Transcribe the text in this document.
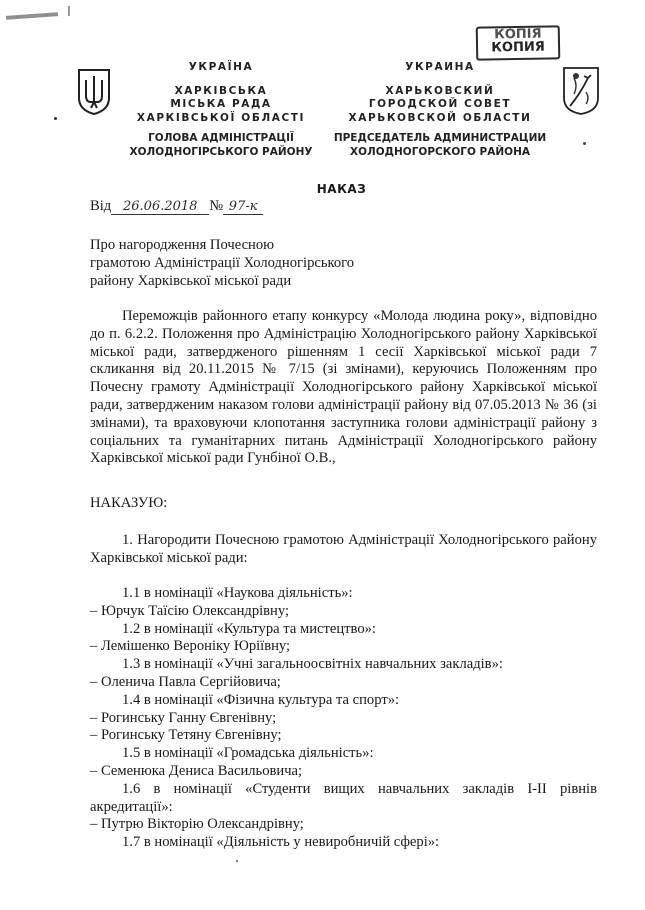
КОПІЯ
КОПИЯ
УКРАЇНА
ХАРКІВСЬКА
МІСЬКА РАДА
ХАРКІВСЬКОЇ ОБЛАСТІ
ГОЛОВА АДМІНІСТРАЦІЇ
ХОЛОДНОГІРСЬКОГО РАЙОНУ
УКРАИНА
ХАРЬКОВСКИЙ
ГОРОДСКОЙ СОВЕТ
ХАРЬКОВСКОЙ ОБЛАСТИ
ПРЕДСЕДАТЕЛЬ АДМИНИСТРАЦИИ
ХОЛОДНОГОРСКОГО РАЙОНА
НАКАЗ
Від 26.06.2018 № 97-к
Про нагородження Почесною
грамотою Адміністрації Холодногірського
району Харківської міської ради
Переможців районного етапу конкурсу «Молода людина року», відповідно до п. 6.2.2. Положення про Адміністрацію Холодногірського району Харківської міської ради, затвердженого рішенням 1 сесії Харківської міської ради 7 скликання від 20.11.2015 № 7/15 (зі змінами), керуючись Положенням про Почесну грамоту Адміністрації Холодногірського району Харківської міської ради, затвердженим наказом голови адміністрації району від 07.05.2013 № 36 (зі змінами), та враховуючи клопотання заступника голови адміністрації району з соціальних та гуманітарних питань Адміністрації Холодногірського району Харківської міської ради Гунбіної О.В.,
НАКАЗУЮ:
1. Нагородити Почесною грамотою Адміністрації Холодногірського району Харківської міської ради:
1.1 в номінації «Наукова діяльність»:
– Юрчук Таїсію Олександрівну;
1.2 в номінації «Культура та мистецтво»:
– Лемішенко Вероніку Юріївну;
1.3 в номінації «Учні загальноосвітніх навчальних закладів»:
– Оленича Павла Сергійовича;
1.4 в номінації «Фізична культура та спорт»:
– Рогинську Ганну Євгенівну;
– Рогинську Тетяну Євгенівну;
1.5 в номінації «Громадська діяльність»:
– Семенюка Дениса Васильовича;
1.6 в номінації «Студенти вищих навчальних закладів І-ІІ рівнів акредитації»:
– Путрю Вікторію Олександрівну;
1.7 в номінації «Діяльність у невиробничій сфері»:
